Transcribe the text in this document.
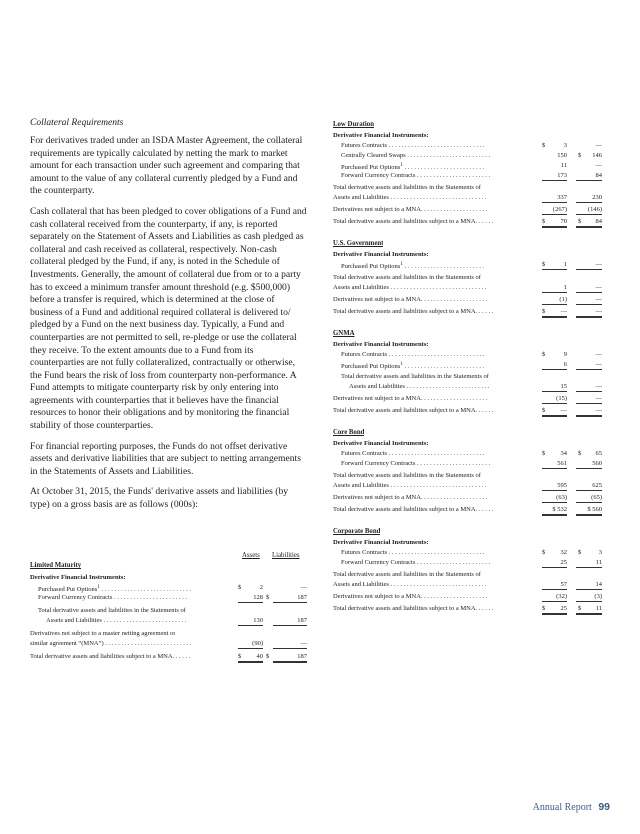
Collateral Requirements

For derivatives traded under an ISDA Master Agreement, the collateral requirements are typically calculated by netting the mark to market amount for each transaction under such agreement and comparing that amount to the value of any collateral currently pledged by a Fund and the counterparty.

Cash collateral that has been pledged to cover obligations of a Fund and cash collateral received from the counterparty, if any, is reported separately on the Statement of Assets and Liabilities as cash pledged as collateral and cash received as collateral, respectively. Non-cash collateral pledged by the Fund, if any, is noted in the Schedule of Investments. Generally, the amount of collateral due from or to a party has to exceed a minimum transfer amount threshold (e.g. $500,000) before a transfer is required, which is determined at the close of business of a Fund and additional required collateral is delivered to/ pledged by a Fund on the next business day. Typically, a Fund and counterparties are not permitted to sell, re-pledge or use the collateral they receive. To the extent amounts due to a Fund from its counterparties are not fully collateralized, contractually or otherwise, the Fund bears the risk of loss from counterparty non-performance. A Fund attempts to mitigate counterparty risk by only entering into agreements with counterparties that it believes have the financial resources to honor their obligations and by monitoring the financial stability of those counterparties.

For financial reporting purposes, the Funds do not offset derivative assets and derivative liabilities that are subject to netting arrangements in the Statements of Assets and Liabilities.

At October 31, 2015, the Funds' derivative assets and liabilities (by type) on a gross basis are as follows (000s):

Assets Liabilities
Limited Maturity
Derivative Financial Instruments:
Purchased Put Options$^1$ . . . . . . . . . . . . . . . . . . . . . . . . . . . .	$	2	—
Forward Currency Contracts . . . . . . . . . . . . . . . . . . . . . . .	128 $	187
Total derivative assets and liabilities in the Statements of
Assets and Liabilities . . . . . . . . . . . . . . . . . . . . . . . . . .	130	187
Derivatives not subject to a master netting agreement or
similar agreement “(MNA”) . . . . . . . . . . . . . . . . . . . . . . . . . . .	(90)	—
Total derivative assets and liabilities subject to a MNA. . . . . .	$	40 $	187
Low Duration
Derivative Financial Instruments:
Futures Contracts . . . . . . . . . . . . . . . . . . . . . . . . . . . . . .	$	3	—
Centrally Cleared Swaps . . . . . . . . . . . . . . . . . . . . . . . . . .	150 $	146
Purchased Put Options$^1$ . . . . . . . . . . . . . . . . . . . . . . . . .	11	—
Forward Currency Contracts . . . . . . . . . . . . . . . . . . . . . . .	173	84
Total derivative assets and liabilities in the Statements of
Assets and Liabilities . . . . . . . . . . . . . . . . . . . . . . . . . . . . . .	337	230
Derivatives not subject to a MNA. . . . . . . . . . . . . . . . . . . . .	(267)	(146)
Total derivative assets and liabilities subject to a MNA. . . . . .	$	70 $	84
U.S. Government
Derivative Financial Instruments:
Purchased Put Options$^1$ . . . . . . . . . . . . . . . . . . . . . . . . .	$	1	—
Total derivative assets and liabilities in the Statements of
Assets and Liabilities . . . . . . . . . . . . . . . . . . . . . . . . . . . . . .	1	—
Derivatives not subject to a MNA. . . . . . . . . . . . . . . . . . . . .	(1)	—
Total derivative assets and liabilities subject to a MNA. . . . . .	$	—	—
GNMA
Derivative Financial Instruments:
Futures Contracts . . . . . . . . . . . . . . . . . . . . . . . . . . . . . .	$	9	—
Purchased Put Options$^1$ . . . . . . . . . . . . . . . . . . . . . . . . .	6	—
Total derivative assets and liabilities in the Statements of
Assets and Liabilities . . . . . . . . . . . . . . . . . . . . . . . . . .	15	—
Derivatives not subject to a MNA. . . . . . . . . . . . . . . . . . . . .	(15)	—
Total derivative assets and liabilities subject to a MNA. . . . . .	$	—	—
Core Bond
Derivative Financial Instruments:
Futures Contracts . . . . . . . . . . . . . . . . . . . . . . . . . . . . . .	$	34 $	65
Forward Currency Contracts . . . . . . . . . . . . . . . . . . . . . . .	561	560
Total derivative assets and liabilities in the Statements of
Assets and Liabilities . . . . . . . . . . . . . . . . . . . . . . . . . . . . . .	595	625
Derivatives not subject to a MNA. . . . . . . . . . . . . . . . . . . . .	(63)	(65)
Total derivative assets and liabilities subject to a MNA. . . . . .	$ 532	$ 560
Corporate Bond
Derivative Financial Instruments:
Futures Contracts . . . . . . . . . . . . . . . . . . . . . . . . . . . . . .	$	32 $	3
Forward Currency Contracts . . . . . . . . . . . . . . . . . . . . . . .	25	11
Total derivative assets and liabilities in the Statements of
Assets and Liabilities . . . . . . . . . . . . . . . . . . . . . . . . . . . . . .	57	14
Derivatives not subject to a MNA. . . . . . . . . . . . . . . . . . . . .	(32)	(3)
Total derivative assets and liabilities subject to a MNA. . . . . .	$	25 $	11
Annual Report 99
